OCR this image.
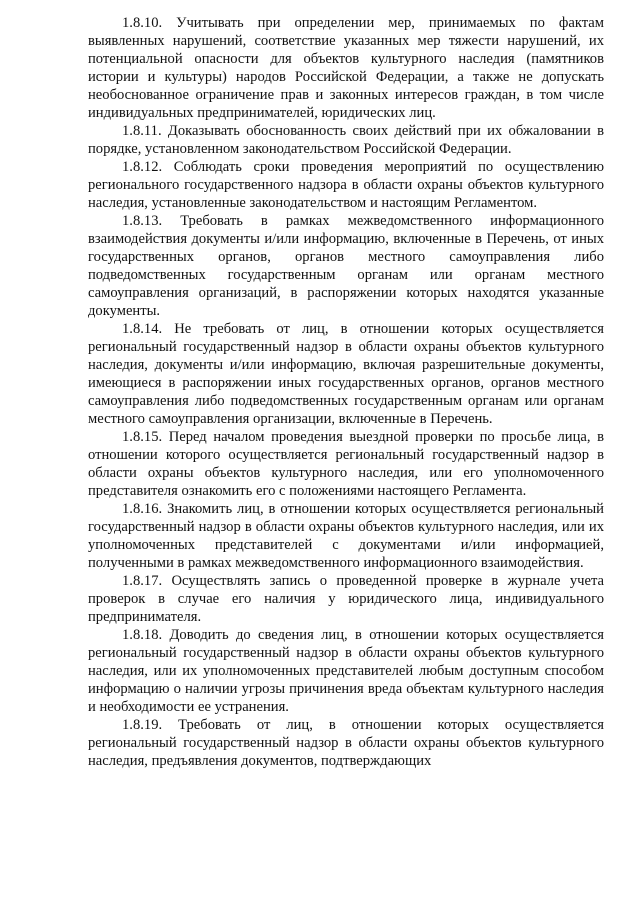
1.8.10. Учитывать при определении мер, принимаемых по фактам выявленных нарушений, соответствие указанных мер тяжести нарушений, их потенциальной опасности для объектов культурного наследия (памятников истории и культуры) народов Российской Федерации, а также не допускать необоснованное ограничение прав и законных интересов граждан, в том числе индивидуальных предпринимателей, юридических лиц.

1.8.11. Доказывать обоснованность своих действий при их обжаловании в порядке, установленном законодательством Российской Федерации.

1.8.12. Соблюдать сроки проведения мероприятий по осуществлению регионального государственного надзора в области охраны объектов культурного наследия, установленные законодательством и настоящим Регламентом.

1.8.13. Требовать в рамках межведомственного информационного взаимодействия документы и/или информацию, включенные в Перечень, от иных государственных органов, органов местного самоуправления либо подведомственных государственным органам или органам местного самоуправления организаций, в распоряжении которых находятся указанные документы.

1.8.14. Не требовать от лиц, в отношении которых осуществляется региональный государственный надзор в области охраны объектов культурного наследия, документы и/или информацию, включая разрешительные документы, имеющиеся в распоряжении иных государственных органов, органов местного самоуправления либо подведомственных государственным органам или органам местного самоуправления организации, включенные в Перечень.

1.8.15. Перед началом проведения выездной проверки по просьбе лица, в отношении которого осуществляется региональный государственный надзор в области охраны объектов культурного наследия, или его уполномоченного представителя ознакомить его с положениями настоящего Регламента.

1.8.16. Знакомить лиц, в отношении которых осуществляется региональный государственный надзор в области охраны объектов культурного наследия, или их уполномоченных представителей с документами и/или информацией, полученными в рамках межведомственного информационного взаимодействия.

1.8.17. Осуществлять запись о проведенной проверке в журнале учета проверок в случае его наличия у юридического лица, индивидуального предпринимателя.

1.8.18. Доводить до сведения лиц, в отношении которых осуществляется региональный государственный надзор в области охраны объектов культурного наследия, или их уполномоченных представителей любым доступным способом информацию о наличии угрозы причинения вреда объектам культурного наследия и необходимости ее устранения.

1.8.19. Требовать от лиц, в отношении которых осуществляется региональный государственный надзор в области охраны объектов культурного наследия, предъявления документов, подтверждающих
